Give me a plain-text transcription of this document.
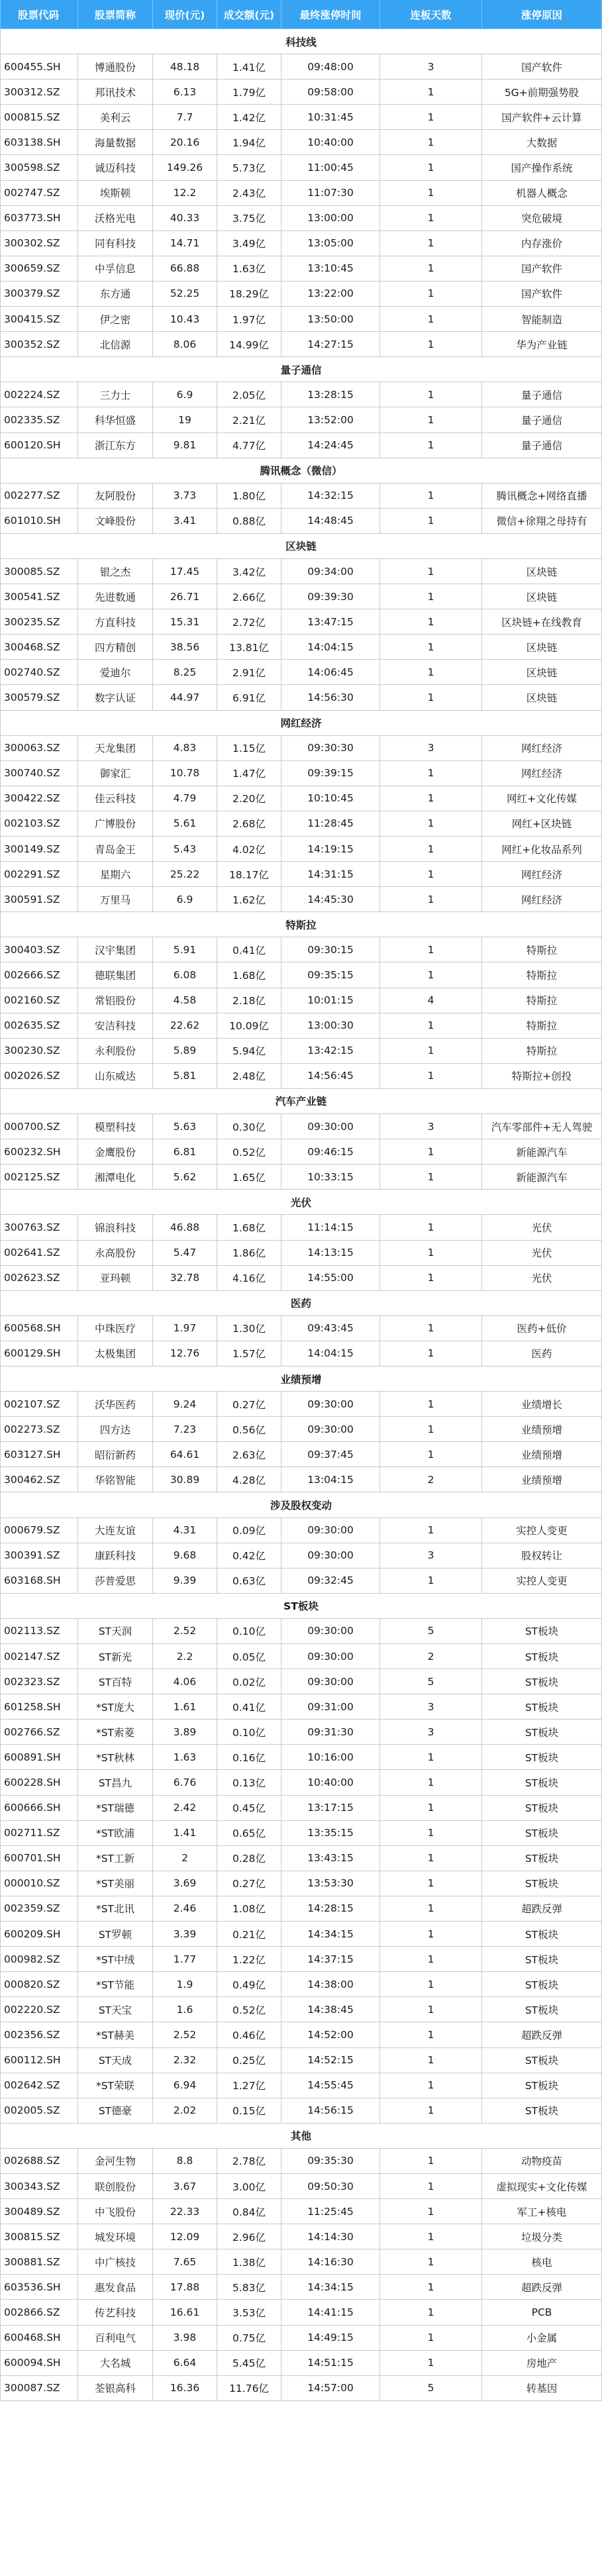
股票代码	股票简称	现价(元)	成交额(元)	最终涨停时间	连板天数	涨停原因
科技线
600455.SH	博通股份	48.18	1.41亿	09:48:00	3	国产软件
300312.SZ	邦讯技术	6.13	1.79亿	09:58:00	1	5G+前期强势股
000815.SZ	美利云	7.7	1.42亿	10:31:45	1	国产软件+云计算
603138.SH	海量数据	20.16	1.94亿	10:40:00	1	大数据
300598.SZ	诚迈科技	149.26	5.73亿	11:00:45	1	国产操作系统
002747.SZ	埃斯顿	12.2	2.43亿	11:07:30	1	机器人概念
603773.SH	沃格光电	40.33	3.75亿	13:00:00	1	突危破境
300302.SZ	同有科技	14.71	3.49亿	13:05:00	1	内存涨价
300659.SZ	中孚信息	66.88	1.63亿	13:10:45	1	国产软件
300379.SZ	东方通	52.25	18.29亿	13:22:00	1	国产软件
300415.SZ	伊之密	10.43	1.97亿	13:50:00	1	智能制造
300352.SZ	北信源	8.06	14.99亿	14:27:15	1	华为产业链
量子通信
002224.SZ	三力士	6.9	2.05亿	13:28:15	1	量子通信
002335.SZ	科华恒盛	19	2.21亿	13:52:00	1	量子通信
600120.SH	浙江东方	9.81	4.77亿	14:24:45	1	量子通信
腾讯概念（微信）
002277.SZ	友阿股份	3.73	1.80亿	14:32:15	1	腾讯概念+网络直播
601010.SH	文峰股份	3.41	0.88亿	14:48:45	1	微信+徐翔之母持有
区块链
300085.SZ	银之杰	17.45	3.42亿	09:34:00	1	区块链
300541.SZ	先进数通	26.71	2.66亿	09:39:30	1	区块链
300235.SZ	方直科技	15.31	2.72亿	13:47:15	1	区块链+在线教育
300468.SZ	四方精创	38.56	13.81亿	14:04:15	1	区块链
002740.SZ	爱迪尔	8.25	2.91亿	14:06:45	1	区块链
300579.SZ	数字认证	44.97	6.91亿	14:56:30	1	区块链
网红经济
300063.SZ	天龙集团	4.83	1.15亿	09:30:30	3	网红经济
300740.SZ	御家汇	10.78	1.47亿	09:39:15	1	网红经济
300422.SZ	佳云科技	4.79	2.20亿	10:10:45	1	网红+文化传媒
002103.SZ	广博股份	5.61	2.68亿	11:28:45	1	网红+区块链
300149.SZ	青岛金王	5.43	4.02亿	14:19:15	1	网红+化妆品系列
002291.SZ	星期六	25.22	18.17亿	14:31:15	1	网红经济
300591.SZ	万里马	6.9	1.62亿	14:45:30	1	网红经济
特斯拉
300403.SZ	汉宇集团	5.91	0.41亿	09:30:15	1	特斯拉
002666.SZ	德联集团	6.08	1.68亿	09:35:15	1	特斯拉
002160.SZ	常铝股份	4.58	2.18亿	10:01:15	4	特斯拉
002635.SZ	安洁科技	22.62	10.09亿	13:00:30	1	特斯拉
300230.SZ	永利股份	5.89	5.94亿	13:42:15	1	特斯拉
002026.SZ	山东威达	5.81	2.48亿	14:56:45	1	特斯拉+创投
汽车产业链
000700.SZ	模塑科技	5.63	0.30亿	09:30:00	3	汽车零部件+无人驾驶
600232.SH	金鹰股份	6.81	0.52亿	09:46:15	1	新能源汽车
002125.SZ	湘潭电化	5.62	1.65亿	10:33:15	1	新能源汽车
光伏
300763.SZ	锦浪科技	46.88	1.68亿	11:14:15	1	光伏
002641.SZ	永高股份	5.47	1.86亿	14:13:15	1	光伏
002623.SZ	亚玛顿	32.78	4.16亿	14:55:00	1	光伏
医药
600568.SH	中珠医疗	1.97	1.30亿	09:43:45	1	医药+低价
600129.SH	太极集团	12.76	1.57亿	14:04:15	1	医药
业绩预增
002107.SZ	沃华医药	9.24	0.27亿	09:30:00	1	业绩增长
002273.SZ	四方达	7.23	0.56亿	09:30:00	1	业绩预增
603127.SH	昭衍新药	64.61	2.63亿	09:37:45	1	业绩预增
300462.SZ	华铭智能	30.89	4.28亿	13:04:15	2	业绩预增
涉及股权变动
000679.SZ	大连友谊	4.31	0.09亿	09:30:00	1	实控人变更
300391.SZ	康跃科技	9.68	0.42亿	09:30:00	3	股权转让
603168.SH	莎普爱思	9.39	0.63亿	09:32:45	1	实控人变更
ST板块
002113.SZ	ST天润	2.52	0.10亿	09:30:00	5	ST板块
002147.SZ	ST新光	2.2	0.05亿	09:30:00	2	ST板块
002323.SZ	ST百特	4.06	0.02亿	09:30:00	5	ST板块
601258.SH	*ST庞大	1.61	0.41亿	09:31:00	3	ST板块
002766.SZ	*ST索菱	3.89	0.10亿	09:31:30	3	ST板块
600891.SH	*ST秋林	1.63	0.16亿	10:16:00	1	ST板块
600228.SH	ST昌九	6.76	0.13亿	10:40:00	1	ST板块
600666.SH	*ST瑞德	2.42	0.45亿	13:17:15	1	ST板块
002711.SZ	*ST欧浦	1.41	0.65亿	13:35:15	1	ST板块
600701.SH	*ST工新	2	0.28亿	13:43:15	1	ST板块
000010.SZ	*ST美丽	3.69	0.27亿	13:53:30	1	ST板块
002359.SZ	*ST北讯	2.46	1.08亿	14:28:15	1	超跌反弹
600209.SH	ST罗顿	3.39	0.21亿	14:34:15	1	ST板块
000982.SZ	*ST中绒	1.77	1.22亿	14:37:15	1	ST板块
000820.SZ	*ST节能	1.9	0.49亿	14:38:00	1	ST板块
002220.SZ	ST天宝	1.6	0.52亿	14:38:45	1	ST板块
002356.SZ	*ST赫美	2.52	0.46亿	14:52:00	1	超跌反弹
600112.SH	ST天成	2.32	0.25亿	14:52:15	1	ST板块
002642.SZ	*ST荣联	6.94	1.27亿	14:55:45	1	ST板块
002005.SZ	ST德豪	2.02	0.15亿	14:56:15	1	ST板块
其他
002688.SZ	金河生物	8.8	2.78亿	09:35:30	1	动物疫苗
300343.SZ	联创股份	3.67	3.00亿	09:50:30	1	虚拟现实+文化传媒
300489.SZ	中飞股份	22.33	0.84亿	11:25:45	1	军工+核电
300815.SZ	城发环境	12.09	2.96亿	14:14:30	1	垃圾分类
300881.SZ	中广核技	7.65	1.38亿	14:16:30	1	核电
603536.SH	惠发食品	17.88	5.83亿	14:34:15	1	超跌反弹
002866.SZ	传艺科技	16.61	3.53亿	14:41:15	1	PCB
600468.SH	百利电气	3.98	0.75亿	14:49:15	1	小金属
600094.SH	大名城	6.64	5.45亿	14:51:15	1	房地产
300087.SZ	荃银高科	16.36	11.76亿	14:57:00	5	转基因
